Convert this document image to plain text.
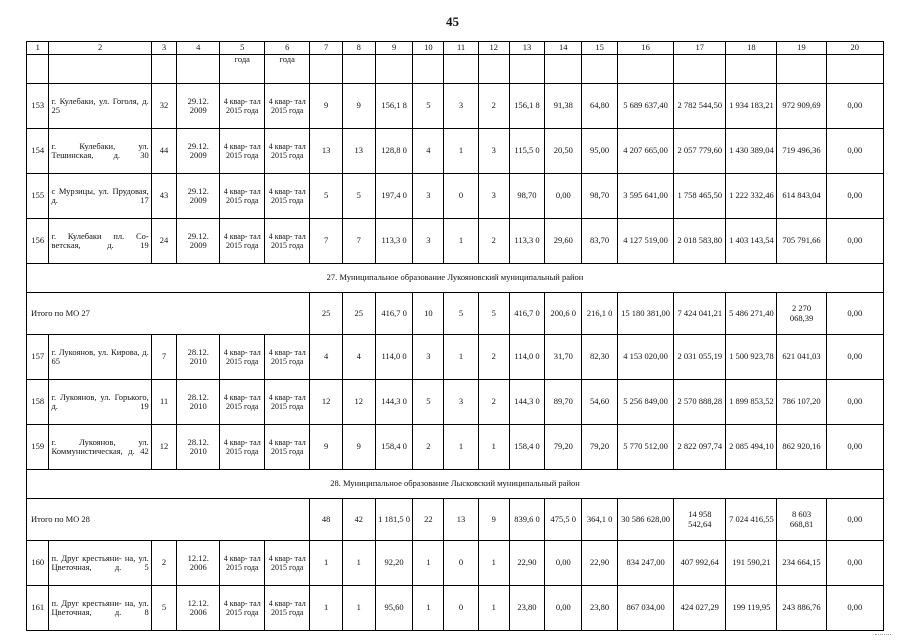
45
1	2	3	4	5	6	7	8	9	10	11	12	13	14	15	16	17	18	19	20
				года	года														
153	г. Кулебаки, ул. Гоголя, д. 25	32	29.12. 2009	4 квар- тал 2015 года	4 квар- тал 2015 года	9	9	156,1 8	5	3	2	156,1 8	91,38	64,80	5 689 637,40	2 782 544,50	1 934 183,21	972 909,69	0,00
154	г. Кулебаки, ул. Тешинская, д. 30	44	29.12. 2009	4 квар- тал 2015 года	4 квар- тал 2015 года	13	13	128,8 0	4	1	3	115,5 0	20,50	95,00	4 207 665,00	2 057 779,60	1 430 389,04	719 496,36	0,00
155	с Мурзицы, ул. Прудовая, д. 17	43	29.12. 2009	4 квар- тал 2015 года	4 квар- тал 2015 года	5	5	197,4 0	3	0	3	98,70	0,00	98,70	3 595 641,00	1 758 465,50	1 222 332,46	614 843,04	0,00
156	г. Кулебаки пл. Со- ветская, д. 19	24	29.12. 2009	4 квар- тал 2015 года	4 квар- тал 2015 года	7	7	113,3 0	3	1	2	113,3 0	29,60	83,70	4 127 519,00	2 018 583,80	1 403 143,54	705 791,66	0,00
27. Муниципальное образование Лукояновский муниципальный район																			
Итого по МО 27						25	25	416,7 0	10	5	5	416,7 0	200,6 0	216,1 0	15 180 381,00	7 424 041,21	5 486 271,40	2 270 068,39	0,00
157	г. Лукоянов, ул. Кирова, д. 65	7	28.12. 2010	4 квар- тал 2015 года	4 квар- тал 2015 года	4	4	114,0 0	3	1	2	114,0 0	31,70	82,30	4 153 020,00	2 031 055,19	1 500 923,78	621 041,03	0,00
158	г. Лукоянов, ул. Горького, д. 19	11	28.12. 2010	4 квар- тал 2015 года	4 квар- тал 2015 года	12	12	144,3 0	5	3	2	144,3 0	89,70	54,60	5 256 849,00	2 570 888,28	1 899 853,52	786 107,20	0,00
159	г. Лукоянов, ул. Коммунистическая, д. 42	12	28.12. 2010	4 квар- тал 2015 года	4 квар- тал 2015 года	9	9	158,4 0	2	1	1	158,4 0	79,20	79,20	5 770 512,00	2 822 097,74	2 085 494,10	862 920,16	0,00
28. Муниципальное образование Лысковский муниципальный район																			
Итого по МО 28						48	42	1 181,5 0	22	13	9	839,6 0	475,5 0	364,1 0	30 586 628,00	14 958 542,64	7 024 416,55	8 603 668,81	0,00
160	п. Друг крестьяни- на, ул. Цветочная, д. 5	2	12.12. 2006	4 квар- тал 2015 года	4 квар- тал 2015 года	1	1	92,20	1	0	1	22,90	0,00	22,90	834 247,00	407 992,64	191 590,21	234 664,15	0,00
161	п. Друг крестьяни- на, ул. Цветочная, д. 8	5	12.12. 2006	4 квар- тал 2015 года	4 квар- тал 2015 года	1	1	95,60	1	0	1	23,80	0,00	23,80	867 034,00	424 027,29	199 119,95	243 886,76	0,00
